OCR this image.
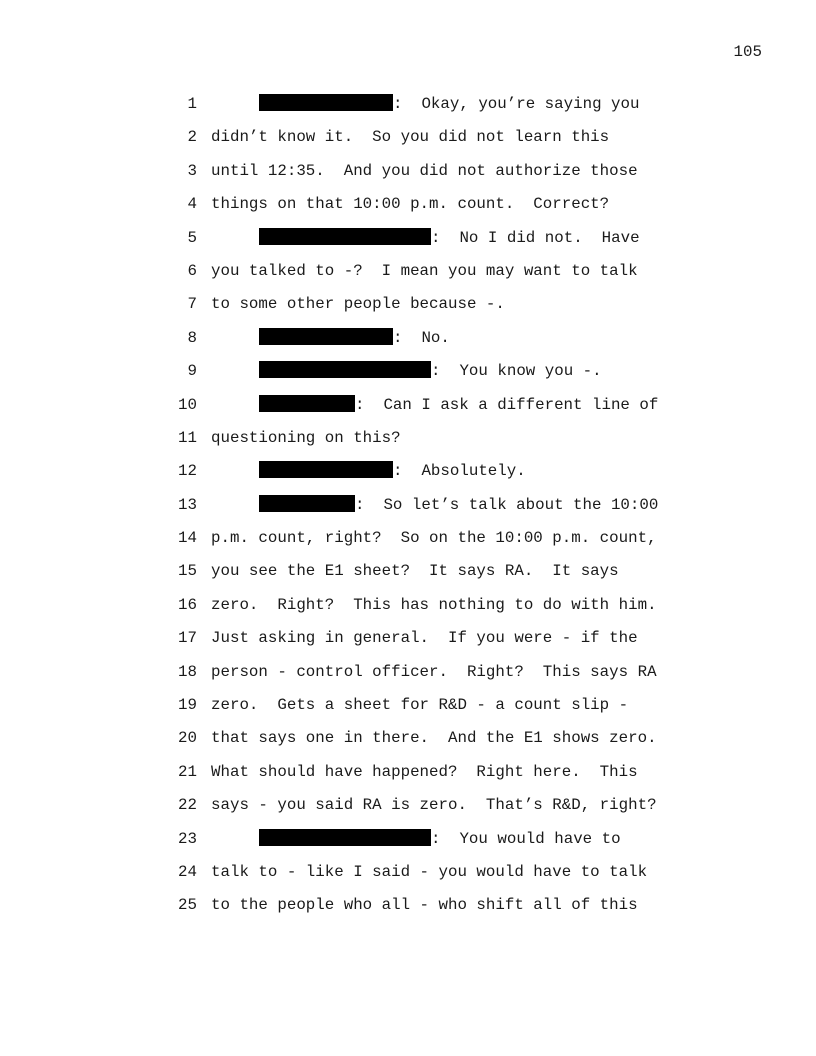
105

1

	:  Okay, you’re saying you

2

didn’t know it.  So you did not learn this

3

until 12:35.  And you did not authorize those

4

things on that 10:00 p.m. count.  Correct?

5

	:  No I did not.  Have

6

you talked to -?  I mean you may want to talk

7

to some other people because -.

8

	:  No.

9

	:  You know you -.

10

	:  Can I ask a different line of

11

questioning on this?

12

	:  Absolutely.

13

	:  So let’s talk about the 10:00

14

p.m. count, right?  So on the 10:00 p.m. count,

15

you see the E1 sheet?  It says RA.  It says

16

zero.  Right?  This has nothing to do with him.

17

Just asking in general.  If you were - if the

18

person - control officer.  Right?  This says RA

19

zero.  Gets a sheet for R&D - a count slip -

20

that says one in there.  And the E1 shows zero.

21

What should have happened?  Right here.  This

22

says - you said RA is zero.  That’s R&D, right?

23

	:  You would have to

24

talk to - like I said - you would have to talk

25

to the people who all - who shift all of this
